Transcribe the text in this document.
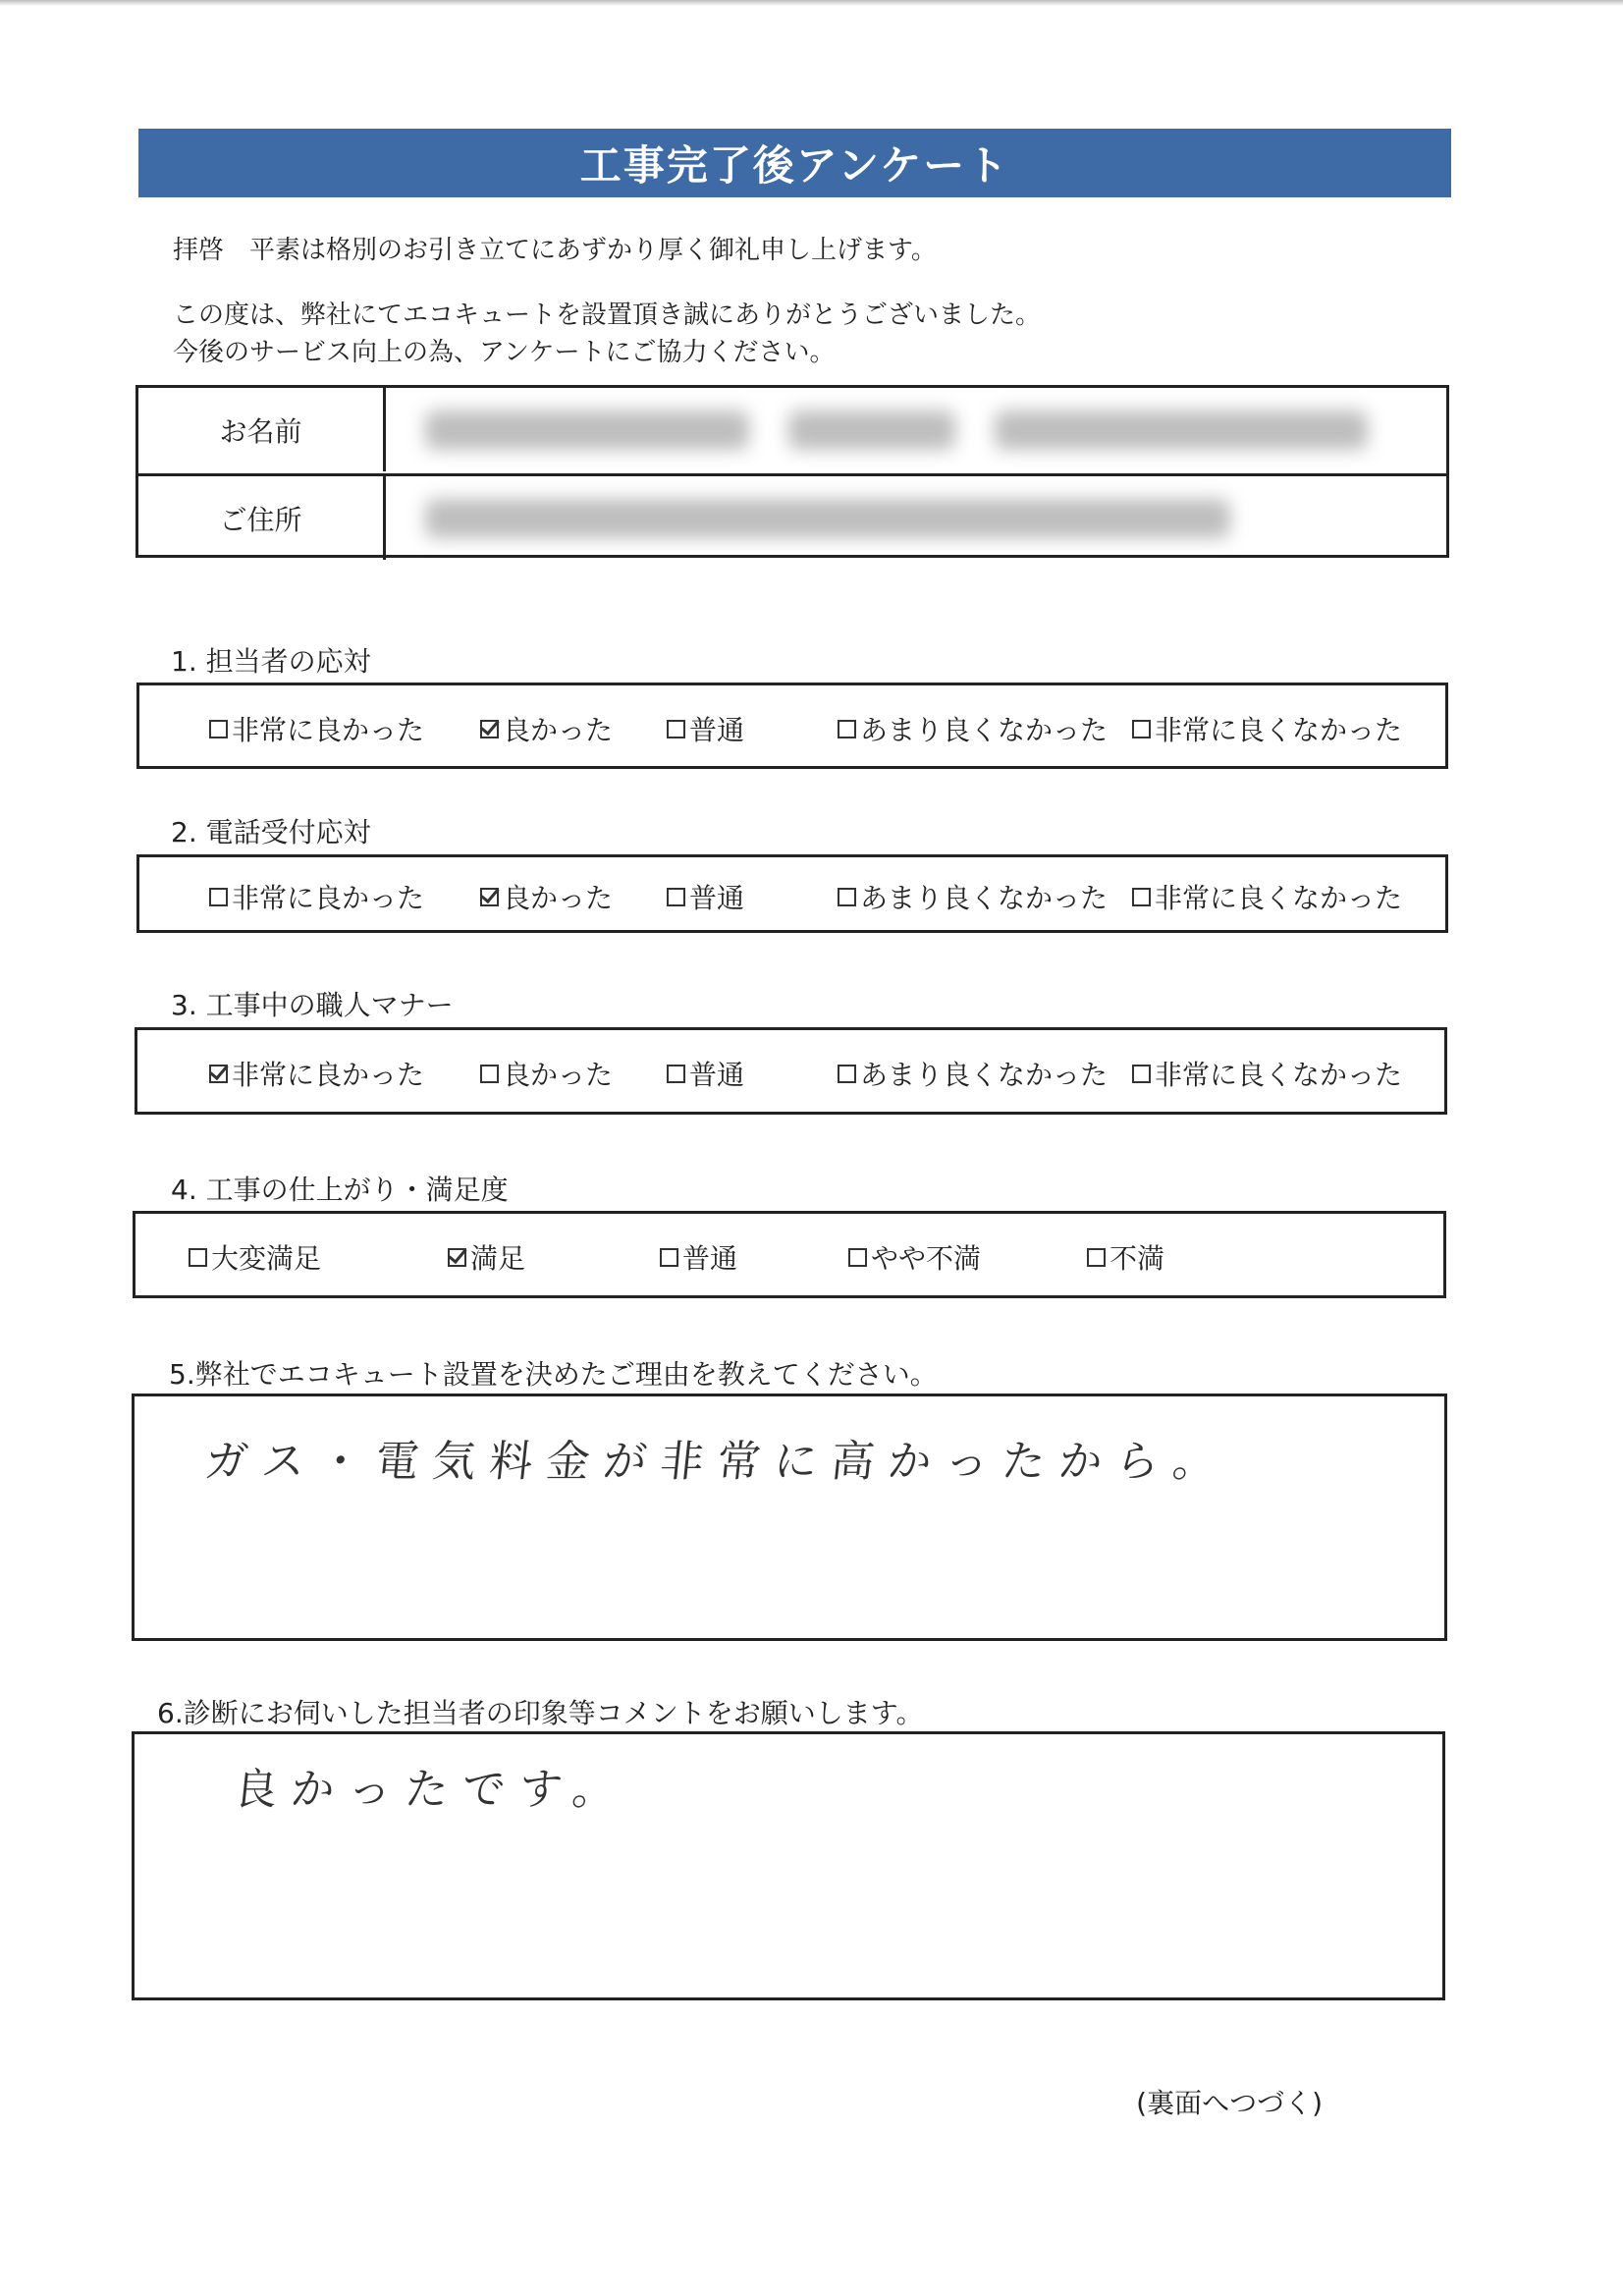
工事完了後アンケート
拝啓　平素は格別のお引き立てにあずかり厚く御礼申し上げます。
この度は、弊社にてエコキュートを設置頂き誠にありがとうございました。
今後のサービス向上の為、アンケートにご協力ください。
お名前
ご住所
1. 担当者の応対
非常に良かった	良かった	普通	あまり良くなかった 非常に良くなかった
2. 電話受付応対
非常に良かった	良かった	普通	あまり良くなかった 非常に良くなかった
3. 工事中の職人マナー
非常に良かった	良かった	普通	あまり良くなかった 非常に良くなかった
4. 工事の仕上がり・満足度
大変満足	満足	普通	やや不満	不満
5.弊社でエコキュート設置を決めたご理由を教えてください。
ガス・電気料金が非常に高かったから。
6.診断にお伺いした担当者の印象等コメントをお願いします。
良かったです。
(裏面へつづく)
